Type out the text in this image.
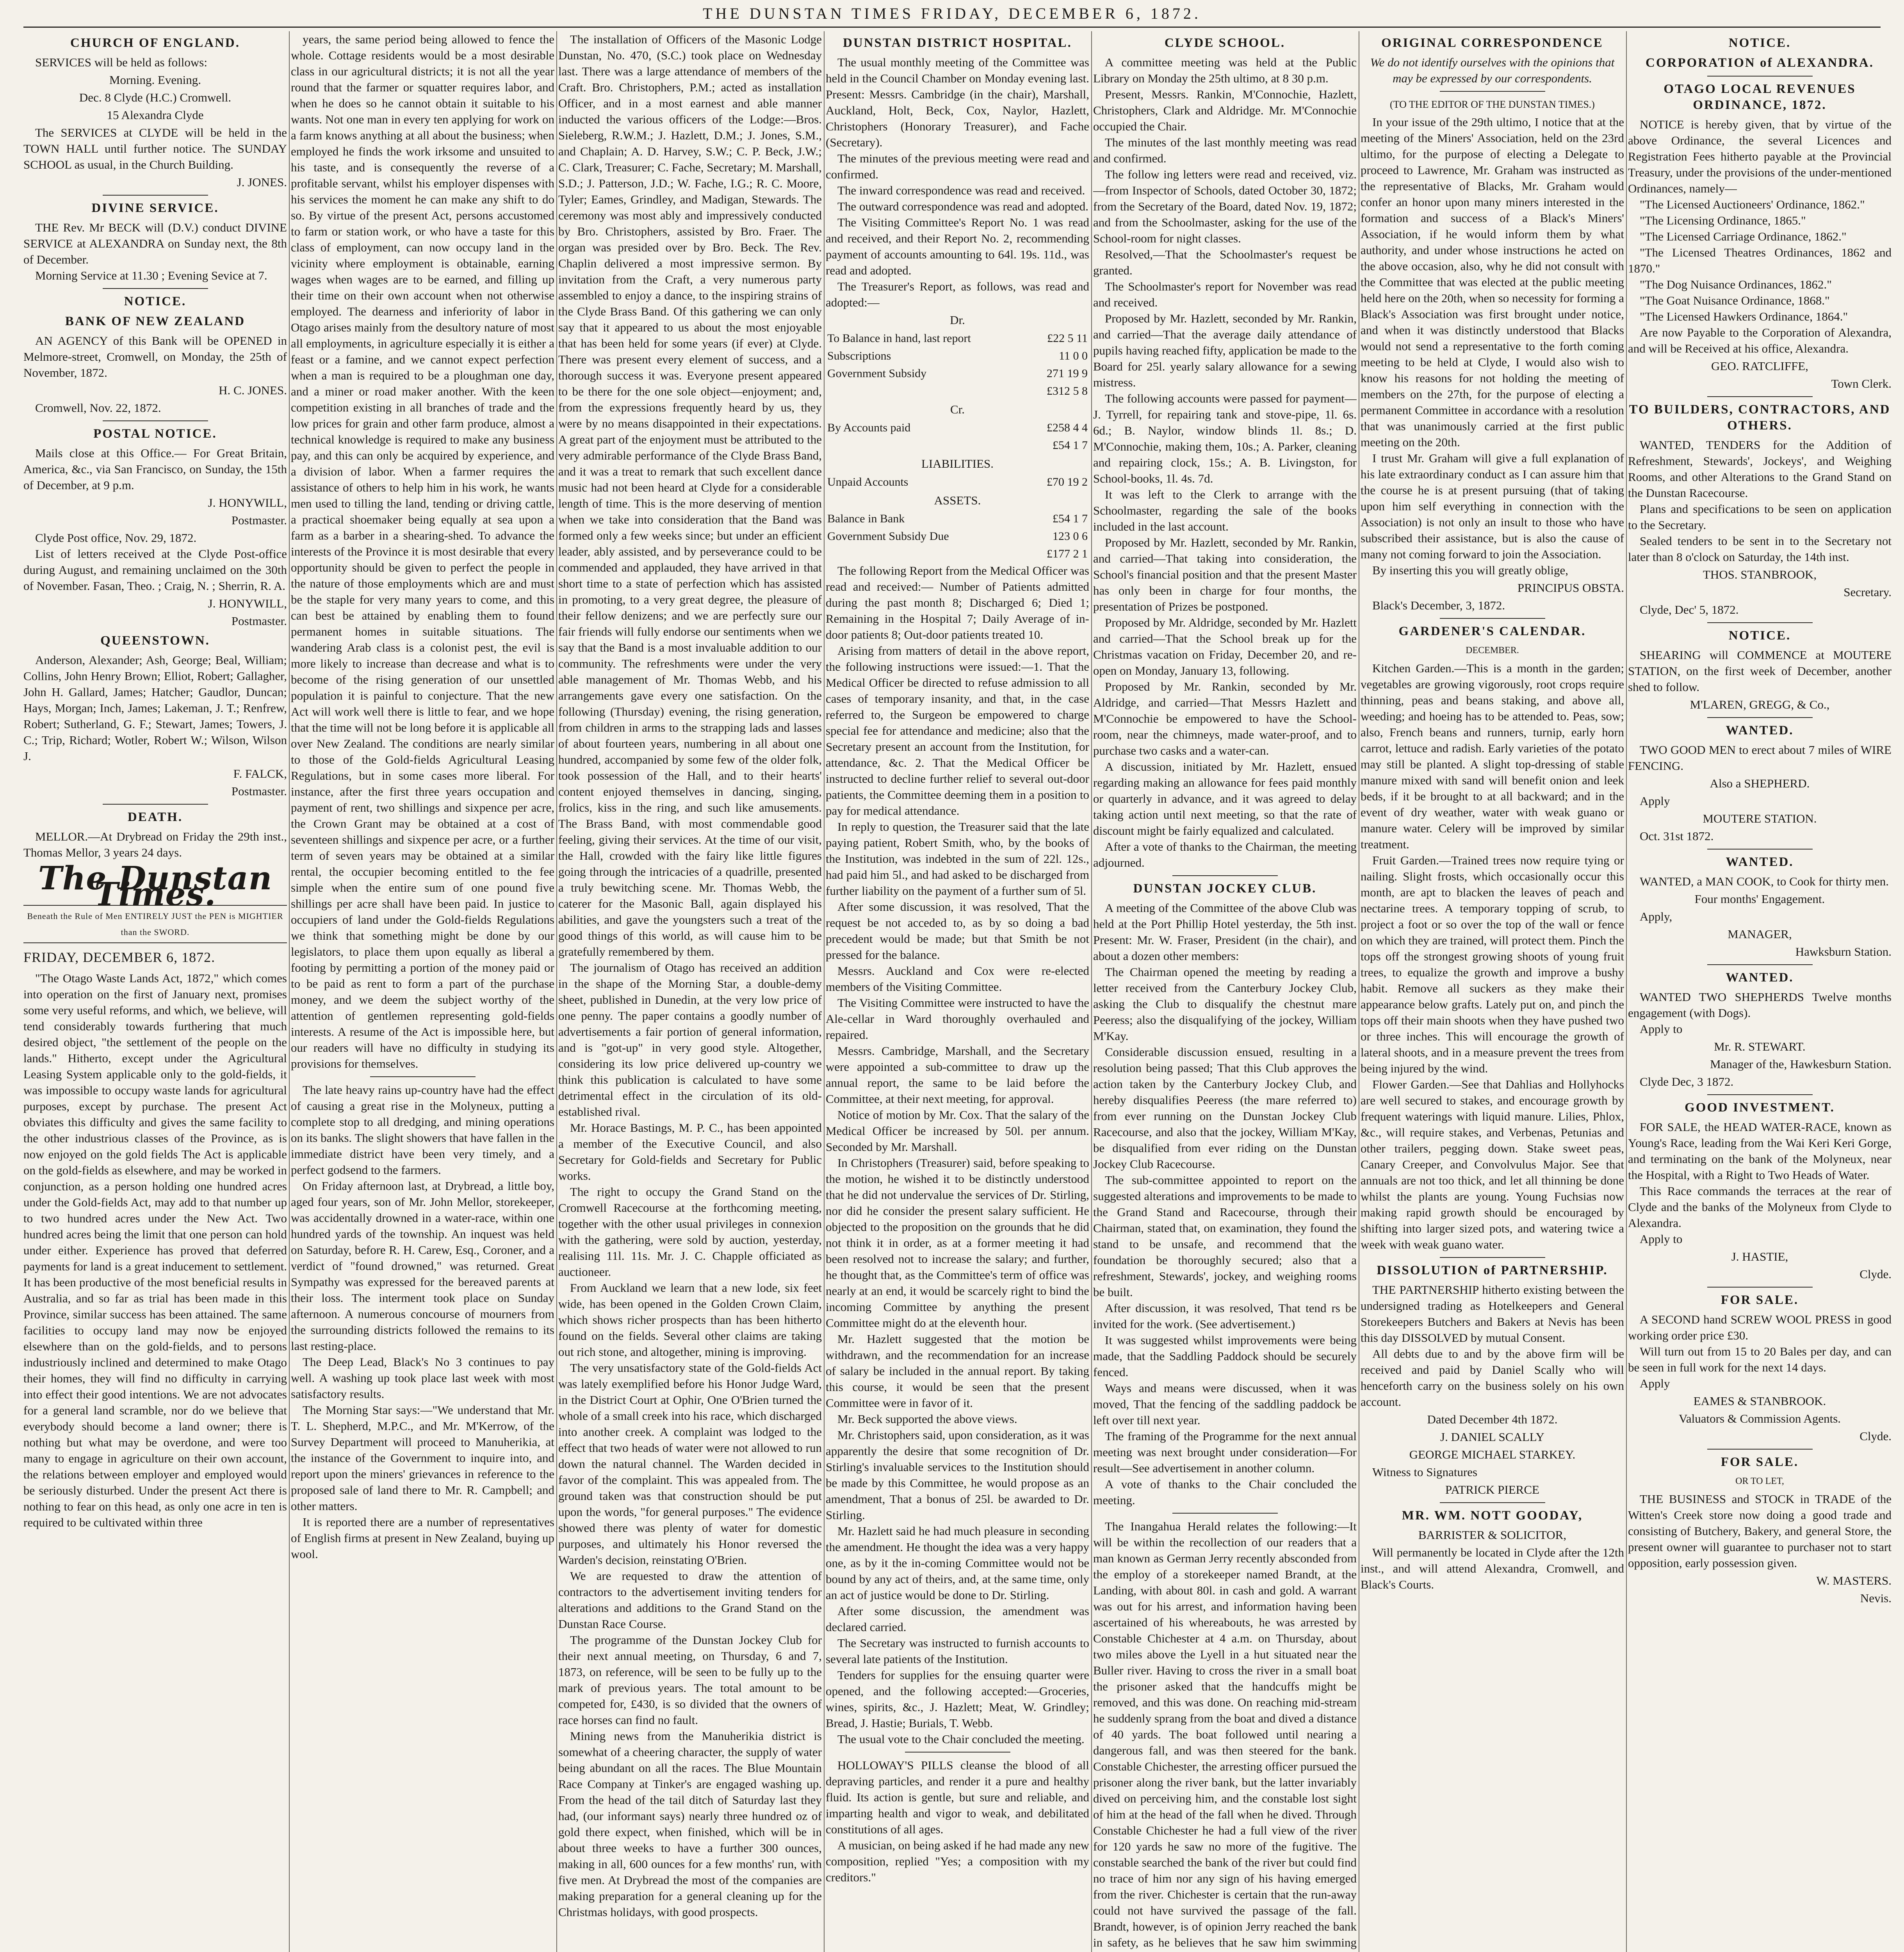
THE DUNSTAN TIMES FRIDAY, DECEMBER 6, 1872.
CHURCH OF ENGLAND.

SERVICES will be held as follows:

Morning. Evening.

Dec. 8 Clyde (H.C.) Cromwell.

15 Alexandra Clyde

The SERVICES at CLYDE will be held in the TOWN HALL until further notice. The SUNDAY SCHOOL as usual, in the Church Building.

J. JONES.

DIVINE SERVICE.

THE Rev. Mr BECK will (D.V.) conduct DIVINE SERVICE at ALEXANDRA on Sunday next, the 8th of December.

Morning Service at 11.30 ; Evening Sevice at 7.

NOTICE.
BANK OF NEW ZEALAND

AN AGENCY of this Bank will be OPENED in Melmore-street, Cromwell, on Monday, the 25th of November, 1872.

H. C. JONES.

Cromwell, Nov. 22, 1872.

POSTAL NOTICE.

Mails close at this Office.— For Great Britain, America, &c., via San Francisco, on Sunday, the 15th of December, at 9 p.m.

J. HONYWILL,

Postmaster.

Clyde Post office, Nov. 29, 1872.

List of letters received at the Clyde Post-office during August, and remaining unclaimed on the 30th of November. Fasan, Theo. ; Craig, N. ; Sherrin, R. A.

J. HONYWILL,

Postmaster.

QUEENSTOWN.

Anderson, Alexander; Ash, George; Beal, William; Collins, John Henry Brown; Elliot, Robert; Gallagher, John H. Gallard, James; Hatcher; Gaudlor, Duncan; Hays, Morgan; Inch, James; Lakeman, J. T.; Renfrew, Robert; Sutherland, G. F.; Stewart, James; Towers, J. C.; Trip, Richard; Wotler, Robert W.; Wilson, Wilson J.

F. FALCK,

Postmaster.

DEATH.

MELLOR.—At Drybread on Friday the 29th inst., Thomas Mellor, 3 years 24 days.

The Dunstan Times.
Beneath the Rule of Men ENTIRELY JUST the PEN is MIGHTIER than the SWORD.
FRIDAY, DECEMBER 6, 1872.

"The Otago Waste Lands Act, 1872," which comes into operation on the first of January next, promises some very useful reforms, and which, we believe, will tend considerably towards furthering that much desired object, "the settlement of the people on the lands." Hitherto, except under the Agricultural Leasing System applicable only to the gold-fields, it was impossible to occupy waste lands for agricultural purposes, except by purchase. The present Act obviates this difficulty and gives the same facility to the other industrious classes of the Province, as is now enjoyed on the gold fields The Act is applicable on the gold-fields as elsewhere, and may be worked in conjunction, as a person holding one hundred acres under the Gold-fields Act, may add to that number up to two hundred acres under the New Act. Two hundred acres being the limit that one person can hold under either. Experience has proved that deferred payments for land is a great inducement to settlement. It has been productive of the most beneficial results in Australia, and so far as trial has been made in this Province, similar success has been attained. The same facilities to occupy land may now be enjoyed elsewhere than on the gold-fields, and to persons industriously inclined and determined to make Otago their homes, they will find no difficulty in carrying into effect their good intentions. We are not advocates for a general land scramble, nor do we believe that everybody should become a land owner; there is nothing but what may be overdone, and were too many to engage in agriculture on their own account, the relations between employer and employed would be seriously disturbed. Under the present Act there is nothing to fear on this head, as only one acre in ten is required to be cultivated within three

years, the same period being allowed to fence the whole. Cottage residents would be a most desirable class in our agricultural districts; it is not all the year round that the farmer or squatter requires labor, and when he does so he cannot obtain it suitable to his wants. Not one man in every ten applying for work on a farm knows anything at all about the business; when employed he finds the work irksome and unsuited to his taste, and is consequently the reverse of a profitable servant, whilst his employer dispenses with his services the moment he can make any shift to do so. By virtue of the present Act, persons accustomed to farm or station work, or who have a taste for this class of employment, can now occupy land in the vicinity where employment is obtainable, earning wages when wages are to be earned, and filling up their time on their own account when not otherwise employed. The dearness and inferiority of labor in Otago arises mainly from the desultory nature of most all employments, in agriculture especially it is either a feast or a famine, and we cannot expect perfection when a man is required to be a ploughman one day, and a miner or road maker another. With the keen competition existing in all branches of trade and the low prices for grain and other farm produce, almost a technical knowledge is required to make any business pay, and this can only be acquired by experience, and a division of labor. When a farmer requires the assistance of others to help him in his work, he wants men used to tilling the land, tending or driving cattle, a practical shoemaker being equally at sea upon a farm as a barber in a shearing-shed. To advance the interests of the Province it is most desirable that every opportunity should be given to perfect the people in the nature of those employments which are and must be the staple for very many years to come, and this can best be attained by enabling them to found permanent homes in suitable situations. The wandering Arab class is a colonist pest, the evil is more likely to increase than decrease and what is to become of the rising generation of our unsettled population it is painful to conjecture. That the new Act will work well there is little to fear, and we hope that the time will not be long before it is applicable all over New Zealand. The conditions are nearly similar to those of the Gold-fields Agricultural Leasing Regulations, but in some cases more liberal. For instance, after the first three years occupation and payment of rent, two shillings and sixpence per acre, the Crown Grant may be obtained at a cost of seventeen shillings and sixpence per acre, or a further term of seven years may be obtained at a similar rental, the occupier becoming entitled to the fee simple when the entire sum of one pound five shillings per acre shall have been paid. In justice to occupiers of land under the Gold-fields Regulations we think that something might be done by our legislators, to place them upon equally as liberal a footing by permitting a portion of the money paid or to be paid as rent to form a part of the purchase money, and we deem the subject worthy of the attention of gentlemen representing gold-fields interests. A resume of the Act is impossible here, but our readers will have no difficulty in studying its provisions for themselves.

The late heavy rains up-country have had the effect of causing a great rise in the Molyneux, putting a complete stop to all dredging, and mining operations on its banks. The slight showers that have fallen in the immediate district have been very timely, and a perfect godsend to the farmers.

On Friday afternoon last, at Drybread, a little boy, aged four years, son of Mr. John Mellor, storekeeper, was accidentally drowned in a water-race, within one hundred yards of the township. An inquest was held on Saturday, before R. H. Carew, Esq., Coroner, and a verdict of "found drowned," was returned. Great Sympathy was expressed for the bereaved parents at their loss. The interment took place on Sunday afternoon. A numerous concourse of mourners from the surrounding districts followed the remains to its last resting-place.

The Deep Lead, Black's No 3 continues to pay well. A washing up took place last week with most satisfactory results.

The Morning Star says:—"We understand that Mr. T. L. Shepherd, M.P.C., and Mr. M'Kerrow, of the Survey Department will proceed to Manuherikia, at the instance of the Government to inquire into, and report upon the miners' grievances in reference to the proposed sale of land there to Mr. R. Campbell; and other matters.

It is reported there are a number of representatives of English firms at present in New Zealand, buying up wool.

The installation of Officers of the Masonic Lodge Dunstan, No. 470, (S.C.) took place on Wednesday last. There was a large attendance of members of the Craft. Bro. Christophers, P.M.; acted as installation Officer, and in a most earnest and able manner inducted the various officers of the Lodge:—Bros. Sieleberg, R.W.M.; J. Hazlett, D.M.; J. Jones, S.M., and Chaplain; A. D. Harvey, S.W.; C. P. Beck, J.W.; C. Clark, Treasurer; C. Fache, Secretary; M. Marshall, S.D.; J. Patterson, J.D.; W. Fache, I.G.; R. C. Moore, Tyler; Eames, Grindley, and Madigan, Stewards. The ceremony was most ably and impressively conducted by Bro. Christophers, assisted by Bro. Fraer. The organ was presided over by Bro. Beck. The Rev. Chaplin delivered a most impressive sermon. By invitation from the Craft, a very numerous party assembled to enjoy a dance, to the inspiring strains of the Clyde Brass Band. Of this gathering we can only say that it appeared to us about the most enjoyable that has been held for some years (if ever) at Clyde. There was present every element of success, and a thorough success it was. Everyone present appeared to be there for the one sole object—enjoyment; and, from the expressions frequently heard by us, they were by no means disappointed in their expectations. A great part of the enjoyment must be attributed to the very admirable performance of the Clyde Brass Band, and it was a treat to remark that such excellent dance music had not been heard at Clyde for a considerable length of time. This is the more deserving of mention when we take into consideration that the Band was formed only a few weeks since; but under an efficient leader, ably assisted, and by perseverance could to be commended and applauded, they have arrived in that short time to a state of perfection which has assisted in promoting, to a very great degree, the pleasure of their fellow denizens; and we are perfectly sure our fair friends will fully endorse our sentiments when we say that the Band is a most invaluable addition to our community. The refreshments were under the very able management of Mr. Thomas Webb, and his arrangements gave every one satisfaction. On the following (Thursday) evening, the rising generation, from children in arms to the strapping lads and lasses of about fourteen years, numbering in all about one hundred, accompanied by some few of the older folk, took possession of the Hall, and to their hearts' content enjoyed themselves in dancing, singing, frolics, kiss in the ring, and such like amusements. The Brass Band, with most commendable good feeling, giving their services. At the time of our visit, the Hall, crowded with the fairy like little figures going through the intricacies of a quadrille, presented a truly bewitching scene. Mr. Thomas Webb, the caterer for the Masonic Ball, again displayed his abilities, and gave the youngsters such a treat of the good things of this world, as will cause him to be gratefully remembered by them.

The journalism of Otago has received an addition in the shape of the Morning Star, a double-demy sheet, published in Dunedin, at the very low price of one penny. The paper contains a goodly number of advertisements a fair portion of general information, and is "got-up" in very good style. Altogether, considering its low price delivered up-country we think this publication is calculated to have some detrimental effect in the circulation of its old-established rival.

Mr. Horace Bastings, M. P. C., has been appointed a member of the Executive Council, and also Secretary for Gold-fields and Secretary for Public works.

The right to occupy the Grand Stand on the Cromwell Racecourse at the forthcoming meeting, together with the other usual privileges in connexion with the gathering, were sold by auction, yesterday, realising 11l. 11s. Mr. J. C. Chapple officiated as auctioneer.

From Auckland we learn that a new lode, six feet wide, has been opened in the Golden Crown Claim, which shows richer prospects than has been hitherto found on the fields. Several other claims are taking out rich stone, and altogether, mining is improving.

The very unsatisfactory state of the Gold-fields Act was lately exemplified before his Honor Judge Ward, in the District Court at Ophir, One O'Brien turned the whole of a small creek into his race, which discharged into another creek. A complaint was lodged to the effect that two heads of water were not allowed to run down the natural channel. The Warden decided in favor of the complaint. This was appealed from. The ground taken was that construction should be put upon the words, "for general purposes." The evidence showed there was plenty of water for domestic purposes, and ultimately his Honor reversed the Warden's decision, reinstating O'Brien.

We are requested to draw the attention of contractors to the advertisement inviting tenders for alterations and additions to the Grand Stand on the Dunstan Race Course.

The programme of the Dunstan Jockey Club for their next annual meeting, on Thursday, 6 and 7, 1873, on reference, will be seen to be fully up to the mark of previous years. The total amount to be competed for, £430, is so divided that the owners of race horses can find no fault.

Mining news from the Manuherikia district is somewhat of a cheering character, the supply of water being abundant on all the races. The Blue Mountain Race Company at Tinker's are engaged washing up. From the head of the tail ditch of Saturday last they had, (our informant says) nearly three hundred oz of gold there expect, when finished, which will be in about three weeks to have a further 300 ounces, making in all, 600 ounces for a few months' run, with five men. At Drybread the most of the companies are making preparation for a general cleaning up for the Christmas holidays, with good prospects.

DUNSTAN DISTRICT HOSPITAL.

The usual monthly meeting of the Committee was held in the Council Chamber on Monday evening last. Present: Messrs. Cambridge (in the chair), Marshall, Auckland, Holt, Beck, Cox, Naylor, Hazlett, Christophers (Honorary Treasurer), and Fache (Secretary).

The minutes of the previous meeting were read and confirmed.

The inward correspondence was read and received.

The outward correspondence was read and adopted.

The Visiting Committee's Report No. 1 was read and received, and their Report No. 2, recommending payment of accounts amounting to 64l. 19s. 11d., was read and adopted.

The Treasurer's Report, as follows, was read and adopted:—

Dr.

To Balance in hand, last report	£22 5 11
Subscriptions	11 0 0
Government Subsidy	271 19 9
	£312 5 8

Cr.

By Accounts paid	£258 4 4
	£54 1 7

LIABILITIES.

Unpaid Accounts	£70 19 2

ASSETS.

Balance in Bank	£54 1 7
Government Subsidy Due	123 0 6
	£177 2 1

The following Report from the Medical Officer was read and received:— Number of Patients admitted during the past month 8; Discharged 6; Died 1; Remaining in the Hospital 7; Daily Average of in-door patients 8; Out-door patients treated 10.

Arising from matters of detail in the above report, the following instructions were issued:—1. That the Medical Officer be directed to refuse admission to all cases of temporary insanity, and that, in the case referred to, the Surgeon be empowered to charge special fee for attendance and medicine; also that the Secretary present an account from the Institution, for attendance, &c. 2. That the Medical Officer be instructed to decline further relief to several out-door patients, the Committee deeming them in a position to pay for medical attendance.

In reply to question, the Treasurer said that the late paying patient, Robert Smith, who, by the books of the Institution, was indebted in the sum of 22l. 12s., had paid him 5l., and had asked to be discharged from further liability on the payment of a further sum of 5l.

After some discussion, it was resolved, That the request be not acceded to, as by so doing a bad precedent would be made; but that Smith be not pressed for the balance.

Messrs. Auckland and Cox were re-elected members of the Visiting Committee.

The Visiting Committee were instructed to have the Ale-cellar in Ward thoroughly overhauled and repaired.

Messrs. Cambridge, Marshall, and the Secretary were appointed a sub-committee to draw up the annual report, the same to be laid before the Committee, at their next meeting, for approval.

Notice of motion by Mr. Cox. That the salary of the Medical Officer be increased by 50l. per annum. Seconded by Mr. Marshall.

In Christophers (Treasurer) said, before speaking to the motion, he wished it to be distinctly understood that he did not undervalue the services of Dr. Stirling, nor did he consider the present salary sufficient. He objected to the proposition on the grounds that he did not think it in order, as at a former meeting it had been resolved not to increase the salary; and further, he thought that, as the Committee's term of office was nearly at an end, it would be scarcely right to bind the incoming Committee by anything the present Committee might do at the eleventh hour.

Mr. Hazlett suggested that the motion be withdrawn, and the recommendation for an increase of salary be included in the annual report. By taking this course, it would be seen that the present Committee were in favor of it.

Mr. Beck supported the above views.

Mr. Christophers said, upon consideration, as it was apparently the desire that some recognition of Dr. Stirling's invaluable services to the Institution should be made by this Committee, he would propose as an amendment, That a bonus of 25l. be awarded to Dr. Stirling.

Mr. Hazlett said he had much pleasure in seconding the amendment. He thought the idea was a very happy one, as by it the in-coming Committee would not be bound by any act of theirs, and, at the same time, only an act of justice would be done to Dr. Stirling.

After some discussion, the amendment was declared carried.

The Secretary was instructed to furnish accounts to several late patients of the Institution.

Tenders for supplies for the ensuing quarter were opened, and the following accepted:—Groceries, wines, spirits, &c., J. Hazlett; Meat, W. Grindley; Bread, J. Hastie; Burials, T. Webb.

The usual vote to the Chair concluded the meeting.

HOLLOWAY'S PILLS cleanse the blood of all depraving particles, and render it a pure and healthy fluid. Its action is gentle, but sure and reliable, and imparting health and vigor to weak, and debilitated constitutions of all ages.

A musician, on being asked if he had made any new composition, replied "Yes; a composition with my creditors."

CLYDE SCHOOL.

A committee meeting was held at the Public Library on Monday the 25th ultimo, at 8 30 p.m.

Present, Messrs. Rankin, M'Connochie, Hazlett, Christophers, Clark and Aldridge. Mr. M'Connochie occupied the Chair.

The minutes of the last monthly meeting was read and confirmed.

The follow ing letters were read and received, viz.—from Inspector of Schools, dated October 30, 1872; from the Secretary of the Board, dated Nov. 19, 1872; and from the Schoolmaster, asking for the use of the School-room for night classes.

Resolved,—That the Schoolmaster's request be granted.

The Schoolmaster's report for November was read and received.

Proposed by Mr. Hazlett, seconded by Mr. Rankin, and carried—That the average daily attendance of pupils having reached fifty, application be made to the Board for 25l. yearly salary allowance for a sewing mistress.

The following accounts were passed for payment—J. Tyrrell, for repairing tank and stove-pipe, 1l. 6s. 6d.; B. Naylor, window blinds 1l. 8s.; D. M'Connochie, making them, 10s.; A. Parker, cleaning and repairing clock, 15s.; A. B. Livingston, for School-books, 1l. 4s. 7d.

It was left to the Clerk to arrange with the Schoolmaster, regarding the sale of the books included in the last account.

Proposed by Mr. Hazlett, seconded by Mr. Rankin, and carried—That taking into consideration, the School's financial position and that the present Master has only been in charge for four months, the presentation of Prizes be postponed.

Proposed by Mr. Aldridge, seconded by Mr. Hazlett and carried—That the School break up for the Christmas vacation on Friday, December 20, and re-open on Monday, January 13, following.

Proposed by Mr. Rankin, seconded by Mr. Aldridge, and carried—That Messrs Hazlett and M'Connochie be empowered to have the School-room, near the chimneys, made water-proof, and to purchase two casks and a water-can.

A discussion, initiated by Mr. Hazlett, ensued regarding making an allowance for fees paid monthly or quarterly in advance, and it was agreed to delay taking action until next meeting, so that the rate of discount might be fairly equalized and calculated.

After a vote of thanks to the Chairman, the meeting adjourned.

DUNSTAN JOCKEY CLUB.

A meeting of the Committee of the above Club was held at the Port Phillip Hotel yesterday, the 5th inst. Present: Mr. W. Fraser, President (in the chair), and about a dozen other members:

The Chairman opened the meeting by reading a letter received from the Canterbury Jockey Club, asking the Club to disqualify the chestnut mare Peeress; also the disqualifying of the jockey, William M'Kay.

Considerable discussion ensued, resulting in a resolution being passed; That this Club approves the action taken by the Canterbury Jockey Club, and hereby disqualifies Peeress (the mare referred to) from ever running on the Dunstan Jockey Club Racecourse, and also that the jockey, William M'Kay, be disqualified from ever riding on the Dunstan Jockey Club Racecourse.

The sub-committee appointed to report on the suggested alterations and improvements to be made to the Grand Stand and Racecourse, through their Chairman, stated that, on examination, they found the stand to be unsafe, and recommend that the foundation be thoroughly secured; also that a refreshment, Stewards', jockey, and weighing rooms be built.

After discussion, it was resolved, That tend rs be invited for the work. (See advertisement.)

It was suggested whilst improvements were being made, that the Saddling Paddock should be securely fenced.

Ways and means were discussed, when it was moved, That the fencing of the saddling paddock be left over till next year.

The framing of the Programme for the next annual meeting was next brought under consideration—For result—See advertisement in another column.

A vote of thanks to the Chair concluded the meeting.

The Inangahua Herald relates the following:—It will be within the recollection of our readers that a man known as German Jerry recently absconded from the employ of a storekeeper named Brandt, at the Landing, with about 80l. in cash and gold. A warrant was out for his arrest, and information having been ascertained of his whereabouts, he was arrested by Constable Chichester at 4 a.m. on Thursday, about two miles above the Lyell in a hut situated near the Buller river. Having to cross the river in a small boat the prisoner asked that the handcuffs might be removed, and this was done. On reaching mid-stream he suddenly sprang from the boat and dived a distance of 40 yards. The boat followed until nearing a dangerous fall, and was then steered for the bank. Constable Chichester, the arresting officer pursued the prisoner along the river bank, but the latter invariably dived on perceiving him, and the constable lost sight of him at the head of the fall when he dived. Through Constable Chichester he had a full view of the river for 120 yards he saw no more of the fugitive. The constable searched the bank of the river but could find no trace of him nor any sign of his having emerged from the river. Chichester is certain that the run-away could not have survived the passage of the fall. Brandt, however, is of opinion Jerry reached the bank in safety, as he believes that he saw him swimming

ORIGINAL CORRESPONDENCE

We do not identify ourselves with the opinions that may be expressed by our correspondents.

(TO THE EDITOR OF THE DUNSTAN TIMES.)

In your issue of the 29th ultimo, I notice that at the meeting of the Miners' Association, held on the 23rd ultimo, for the purpose of electing a Delegate to proceed to Lawrence, Mr. Graham was instructed as the representative of Blacks, Mr. Graham would confer an honor upon many miners interested in the formation and success of a Black's Miners' Association, if he would inform them by what authority, and under whose instructions he acted on the above occasion, also, why he did not consult with the Committee that was elected at the public meeting held here on the 20th, when so necessity for forming a Black's Association was first brought under notice, and when it was distinctly understood that Blacks would not send a representative to the forth coming meeting to be held at Clyde, I would also wish to know his reasons for not holding the meeting of members on the 27th, for the purpose of electing a permanent Committee in accordance with a resolution that was unanimously carried at the first public meeting on the 20th.

I trust Mr. Graham will give a full explanation of his late extraordinary conduct as I can assure him that the course he is at present pursuing (that of taking upon him self everything in connection with the Association) is not only an insult to those who have subscribed their assistance, but is also the cause of many not coming forward to join the Association.

By inserting this you will greatly oblige,

PRINCIPUS OBSTA.

Black's December, 3, 1872.

GARDENER'S CALENDAR.

DECEMBER.

Kitchen Garden.—This is a month in the garden; vegetables are growing vigorously, root crops require thinning, peas and beans staking, and above all, weeding; and hoeing has to be attended to. Peas, sow; also, French beans and runners, turnip, early horn carrot, lettuce and radish. Early varieties of the potato may still be planted. A slight top-dressing of stable manure mixed with sand will benefit onion and leek beds, if it be brought to at all backward; and in the event of dry weather, water with weak guano or manure water. Celery will be improved by similar treatment.

Fruit Garden.—Trained trees now require tying or nailing. Slight frosts, which occasionally occur this month, are apt to blacken the leaves of peach and nectarine trees. A temporary topping of scrub, to project a foot or so over the top of the wall or fence on which they are trained, will protect them. Pinch the tops off the strongest growing shoots of young fruit trees, to equalize the growth and improve a bushy habit. Remove all suckers as they make their appearance below grafts. Lately put on, and pinch the tops off their main shoots when they have pushed two or three inches. This will encourage the growth of lateral shoots, and in a measure prevent the trees from being injured by the wind.

Flower Garden.—See that Dahlias and Hollyhocks are well secured to stakes, and encourage growth by frequent waterings with liquid manure. Lilies, Phlox, &c., will require stakes, and Verbenas, Petunias and other trailers, pegging down. Stake sweet peas, Canary Creeper, and Convolvulus Major. See that annuals are not too thick, and let all thinning be done whilst the plants are young. Young Fuchsias now making rapid growth should be encouraged by shifting into larger sized pots, and watering twice a week with weak guano water.

DISSOLUTION of PARTNERSHIP.

THE PARTNERSHIP hitherto existing between the undersigned trading as Hotelkeepers and General Storekeepers Butchers and Bakers at Nevis has been this day DISSOLVED by mutual Consent.

All debts due to and by the above firm will be received and paid by Daniel Scally who will henceforth carry on the business solely on his own account.

Dated December 4th 1872.

J. DANIEL SCALLY

GEORGE MICHAEL STARKEY.

Witness to Signatures

PATRICK PIERCE

MR. WM. NOTT GOODAY,

BARRISTER & SOLICITOR,

Will permanently be located in Clyde after the 12th inst., and will attend Alexandra, Cromwell, and Black's Courts.

NOTICE.
CORPORATION of ALEXANDRA.
OTAGO LOCAL REVENUES ORDINANCE, 1872.

NOTICE is hereby given, that by virtue of the above Ordinance, the several Licences and Registration Fees hitherto payable at the Provincial Treasury, under the provisions of the under-mentioned Ordinances, namely—

"The Licensed Auctioneers' Ordinance, 1862."

"The Licensing Ordinance, 1865."

"The Licensed Carriage Ordinance, 1862."

"The Licensed Theatres Ordinances, 1862 and 1870."

"The Dog Nuisance Ordinances, 1862."

"The Goat Nuisance Ordinance, 1868."

"The Licensed Hawkers Ordinance, 1864."

Are now Payable to the Corporation of Alexandra, and will be Received at his office, Alexandra.

GEO. RATCLIFFE,

Town Clerk.

TO BUILDERS, CONTRACTORS, AND OTHERS.

WANTED, TENDERS for the Addition of Refreshment, Stewards', Jockeys', and Weighing Rooms, and other Alterations to the Grand Stand on the Dunstan Racecourse.

Plans and specifications to be seen on application to the Secretary.

Sealed tenders to be sent in to the Secretary not later than 8 o'clock on Saturday, the 14th inst.

THOS. STANBROOK,

Secretary.

Clyde, Dec' 5, 1872.

NOTICE.

SHEARING will COMMENCE at MOUTERE STATION, on the first week of December, another shed to follow.

M'LAREN, GREGG, & Co.,

WANTED.

TWO GOOD MEN to erect about 7 miles of WIRE FENCING.

Also a SHEPHERD.

Apply

MOUTERE STATION.

Oct. 31st 1872.

WANTED.

WANTED, a MAN COOK, to Cook for thirty men.

Four months' Engagement.

Apply,

MANAGER,

Hawksburn Station.

WANTED.

WANTED TWO SHEPHERDS Twelve months engagement (with Dogs).

Apply to

Mr. R. STEWART.

Manager of the, Hawkesburn Station.

Clyde Dec, 3 1872.

GOOD INVESTMENT.

FOR SALE, the HEAD WATER-RACE, known as Young's Race, leading from the Wai Keri Keri Gorge, and terminating on the bank of the Molyneux, near the Hospital, with a Right to Two Heads of Water.

This Race commands the terraces at the rear of Clyde and the banks of the Molyneux from Clyde to Alexandra.

Apply to

J. HASTIE,

Clyde.

FOR SALE.

A SECOND hand SCREW WOOL PRESS in good working order price £30.

Will turn out from 15 to 20 Bales per day, and can be seen in full work for the next 14 days.

Apply

EAMES & STANBROOK.

Valuators & Commission Agents.

Clyde.

FOR SALE.

OR TO LET,

THE BUSINESS and STOCK in TRADE of the Witten's Creek store now doing a good trade and consisting of Butchery, Bakery, and general Store, the present owner will guarantee to purchaser not to start opposition, early possession given.

W. MASTERS.

Nevis.
